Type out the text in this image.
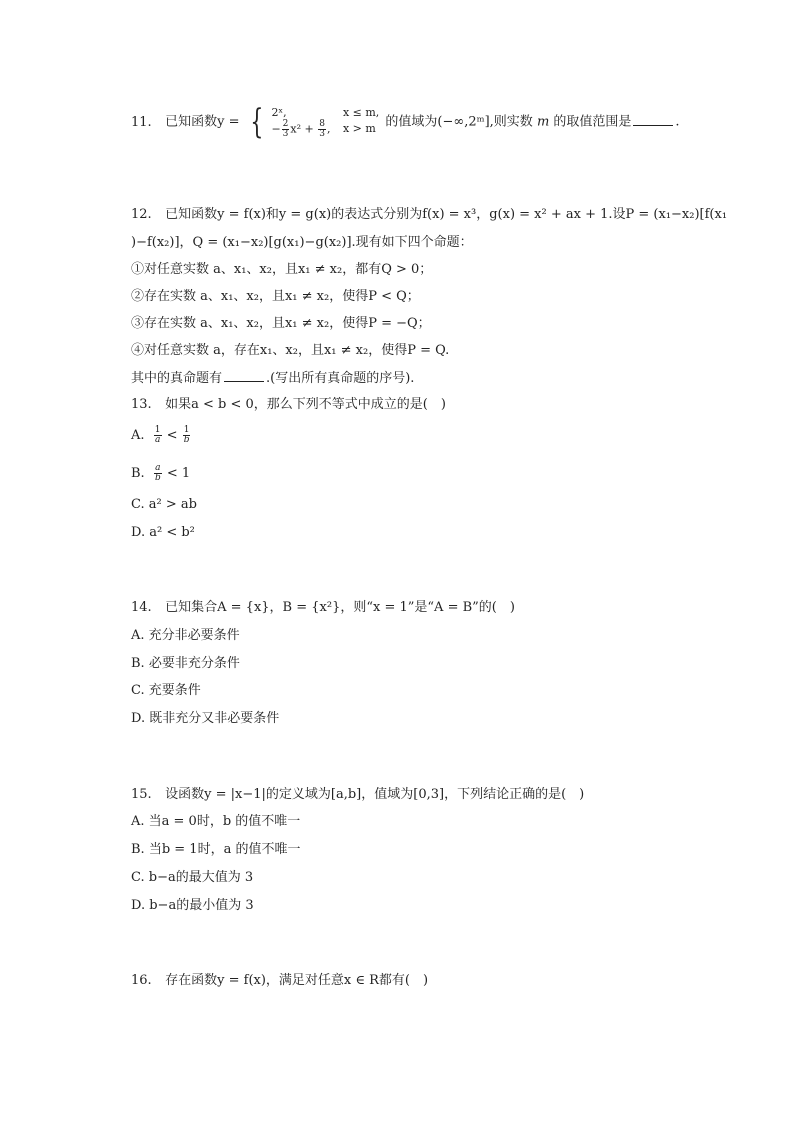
11. 已知函数y = { 2ˣ,	x ≤ m,
− $\frac{2}{3} x^2 + \frac{8}{3}$ , x > m 的值域为(−∞,2ᵐ],则实数 m 的取值范围是	.
12. 已知函数y = f(x)和y = g(x)的表达式分别为f(x) = x³，g(x) = x² + ax + 1.设P = (x₁−x₂)[f(x₁
)−f(x₂)]，Q = (x₁−x₂)[g(x₁)−g(x₂)].现有如下四个命题：
①对任意实数 a、x₁、x₂，且x₁ ≠ x₂，都有Q > 0；
②存在实数 a、x₁、x₂，且x₁ ≠ x₂，使得P < Q；
③存在实数 a、x₁、x₂，且x₁ ≠ x₂，使得P = −Q；
④对任意实数 a，存在x₁、x₂，且x₁ ≠ x₂，使得P = Q.
其中的真命题有	.(写出所有真命题的序号).
13. 如果a < b < 0，那么下列不等式中成立的是(　)
A. $\frac{1}{a} < \frac{1}{b}$
B. $\frac{a}{b} < 1$
C. a² > ab
D. a² < b²
14. 已知集合A = {x}，B = {x²}，则“x = 1”是“A = B”的(　)
A. 充分非必要条件
B. 必要非充分条件
C. 充要条件
D. 既非充分又非必要条件
15. 设函数y = |x−1|的定义域为[a,b]，值域为[0,3]，下列结论正确的是(　)
A. 当a = 0时，b 的值不唯一
B. 当b = 1时，a 的值不唯一
C. b−a的最大值为 3
D. b−a的最小值为 3
16. 存在函数y = f(x)，满足对任意x ∈ R都有(　)
